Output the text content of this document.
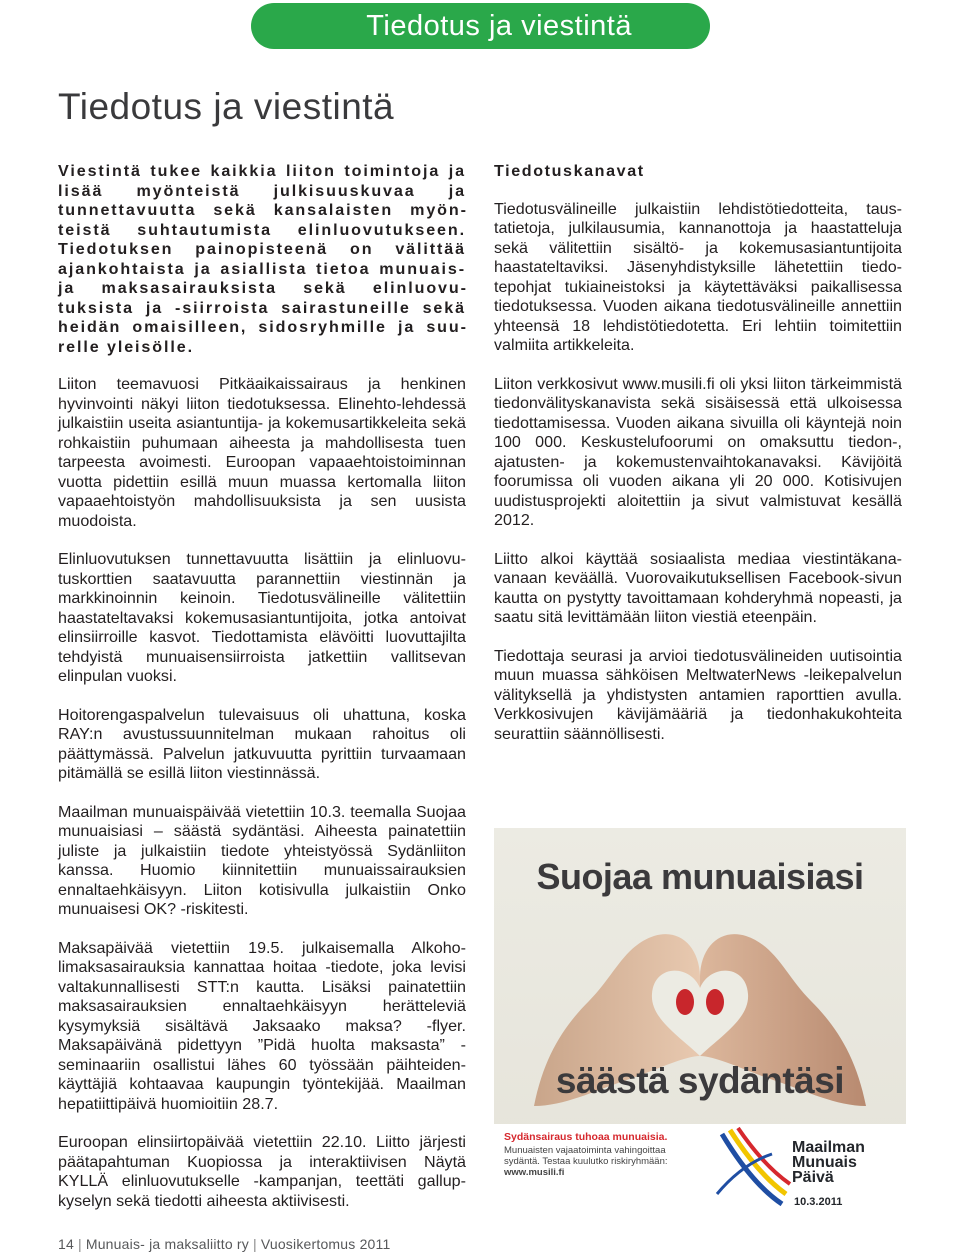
Tiedotus ja viestintä
Tiedotus ja viestintä

Viestintä tukee kaikkia liiton toimintoja ja lisää myönteistä julkisuuskuvaa ja tunnettavuutta sekä kansalaisten myönteistä suhtautumista elinluovutukseen. Tiedotuksen painopisteenä on välittää ajankohtaista ja asiallista tietoa munuais- ja maksasairauksista sekä elinluovutuksista ja -siirroista sairastuneille sekä heidän omaisilleen, sidosryhmille ja suurelle yleisölle.

Liiton teemavuosi Pitkäaikaissairaus ja henkinen hyvinvointi näkyi liiton tiedotuksessa. Elinehto-lehdessä julkaistiin useita asiantuntija- ja kokemusartikkeleita sekä rohkaistiin puhumaan aiheesta ja mahdollisesta tuen tarpeesta avoimesti. Euroopan vapaaehtoistoiminnan vuotta pidettiin esillä muun muassa kertomalla liiton vapaaehtoistyön mahdollisuuksista ja sen uusista muodoista.

Elinluovutuksen tunnettavuutta lisättiin ja elinluovutuskorttien saatavuutta parannettiin viestinnän ja markkinoinnin keinoin. Tiedotusvälineille välitettiin haastateltavaksi kokemusasiantuntijoita, jotka antoivat elinsiirroille kasvot. Tiedottamista elävöitti luovuttajilta tehdyistä munuaisensiirroista jatkettiin vallitsevan elinpulan vuoksi.

Hoitorengaspalvelun tulevaisuus oli uhattuna, koska RAY:n avustussuunnitelman mukaan rahoitus oli päättymässä. Palvelun jatkuvuutta pyrittiin turvaamaan pitämällä se esillä liiton viestinnässä.

Maailman munuaispäivää vietettiin 10.3. teemalla Suojaa munuaisiasi – säästä sydäntäsi. Aiheesta painatettiin juliste ja julkaistiin tiedote yhteistyössä Sydänliiton kanssa. Huomio kiinnitettiin munuaissairauksien ennaltaehkäisyyn. Liiton kotisivulla julkaistiin Onko munuaisesi OK? -riskitesti.

Maksapäivää vietettiin 19.5. julkaisemalla Alkoholimaksasairauksia kannattaa hoitaa -tiedote, joka levisi valtakunnallisesti STT:n kautta. Lisäksi painatettiin maksasairauksien ennaltaehkäisyyn herätteleviä kysymyksiä sisältävä Jaksaako maksa? -flyer. Maksapäivänä pidettyyn ”Pidä huolta maksasta” -seminaariin osallistui lähes 60 työssään päihteidenkäyttäjiä kohtaavaa kaupungin työntekijää. Maailman hepatiittipäivä huomioitiin 28.7.

Euroopan elinsiirtopäivää vietettiin 22.10. Liitto järjesti päätapahtuman Kuopiossa ja interaktiivisen Näytä KYLLÄ elinluovutukselle -kampanjan, teettäti gallup-kyselyn sekä tiedotti aiheesta aktiivisesti.

Tiedotuskanavat

Tiedotusvälineille julkaistiin lehdistötiedotteita, taustatietoja, julkilausumia, kannanottoja ja haastatteluja sekä välitettiin sisältö- ja kokemusasiantuntijoita haastateltaviksi. Jäsenyhdistyksille lähetettiin tiedotepohjat tukiaineistoksi ja käytettäväksi paikallisessa tiedotuksessa. Vuoden aikana tiedotusvälineille annettiin yhteensä 18 lehdistötiedotetta. Eri lehtiin toimitettiin valmiita artikkeleita.

Liiton verkkosivut www.musili.fi oli yksi liiton tärkeimmistä tiedonvälityskanavista sekä sisäisessä että ulkoisessa tiedottamisessa. Vuoden aikana sivuilla oli käyntejä noin 100 000. Keskustelufoorumi on omaksuttu tiedon-, ajatusten- ja kokemustenvaihtokanavaksi. Kävijöitä foorumissa oli vuoden aikana yli 20 000. Kotisivujen uudistusprojekti aloitettiin ja sivut valmistuvat kesällä 2012.

Liitto alkoi käyttää sosiaalista mediaa viestintäkanavanaan keväällä. Vuorovaikutuksellisen Facebook-sivun kautta on pystytty tavoittamaan kohderyhmä nopeasti, ja saatu sitä levittämään liiton viestiä eteenpäin.

Tiedottaja seurasi ja arvioi tiedotusvälineiden uutisointia muun muassa sähköisen MeltwaterNews -leikepalvelun välityksellä ja yhdistysten antamien raporttien avulla. Verkkosivujen kävijämääriä ja tiedonhakukohteita seurattiin säännöllisesti.

Suojaa munuaisiasi
säästä sydäntäsi
Sydänsairaus tuhoaa munuaisia.
Munuaisten vajaatoiminta vahingoittaa
sydäntä. Testaa kuulutko riskiryhmään: www.musili.fi
Maailman
Munuais
Päivä
10.3.2011
14 | Munuais- ja maksaliitto ry | Vuosikertomus 2011
